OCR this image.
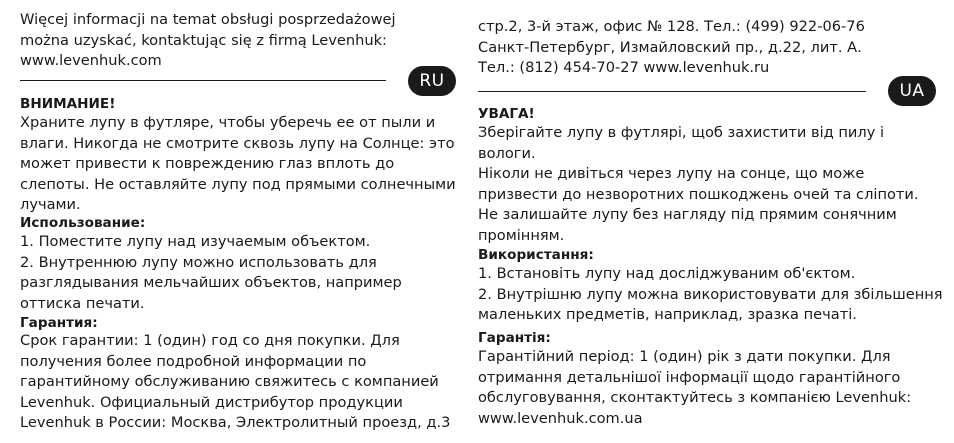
Więcej informacji na temat obsługi posprzedażowej
można uzyskać, kontaktując się z firmą Levenhuk:
www.levenhuk.com

ВНИМАНИЕ!

Храните лупу в футляре, чтобы уберечь ее от пыли и
влаги. Никогда не смотрите сквозь лупу на Солнце: это
может привести к повреждению глаз вплоть до
слепоты. Не оставляйте лупу под прямыми солнечными
лучами.

Использование:

1. Поместите лупу над изучаемым объектом.
2. Внутреннюю лупу можно использовать для
разглядывания мельчайших объектов, например
оттиска печати.

Гарантия:

Срок гарантии: 1 (один) год со дня покупки. Для
получения более подробной информации по
гарантийному обслуживанию свяжитесь с компанией
Levenhuk. Официальный дистрибутор продукции
Levenhuk в России: Москва, Электролитный проезд, д.3

RU

стр.2, 3-й этаж, офис № 128. Тел.: (499) 922-06-76
Санкт-Петербург, Измайловский пр., д.22, лит. А.
Тел.: (812) 454-70-27 www.levenhuk.ru

УВАГА!

Зберігайте лупу в футлярі, щоб захистити від пилу і
вологи.
Ніколи не дивіться через лупу на сонце, що може
призвести до незворотних пошкоджень очей та сліпоти.
Не залишайте лупу без нагляду під прямим сонячним
промінням.

Використання:

1. Встановіть лупу над досліджуваним об'єктом.
2. Внутрішню лупу можна використовувати для збільшення
маленьких предметів, наприклад, зразка печаті.

Гарантія:

Гарантійний період: 1 (один) рік з дати покупки. Для
отримання детальнішої інформації щодо гарантійного
обслуговування, сконтактуйтесь з компанією Levenhuk:
www.levenhuk.com.ua

UA
